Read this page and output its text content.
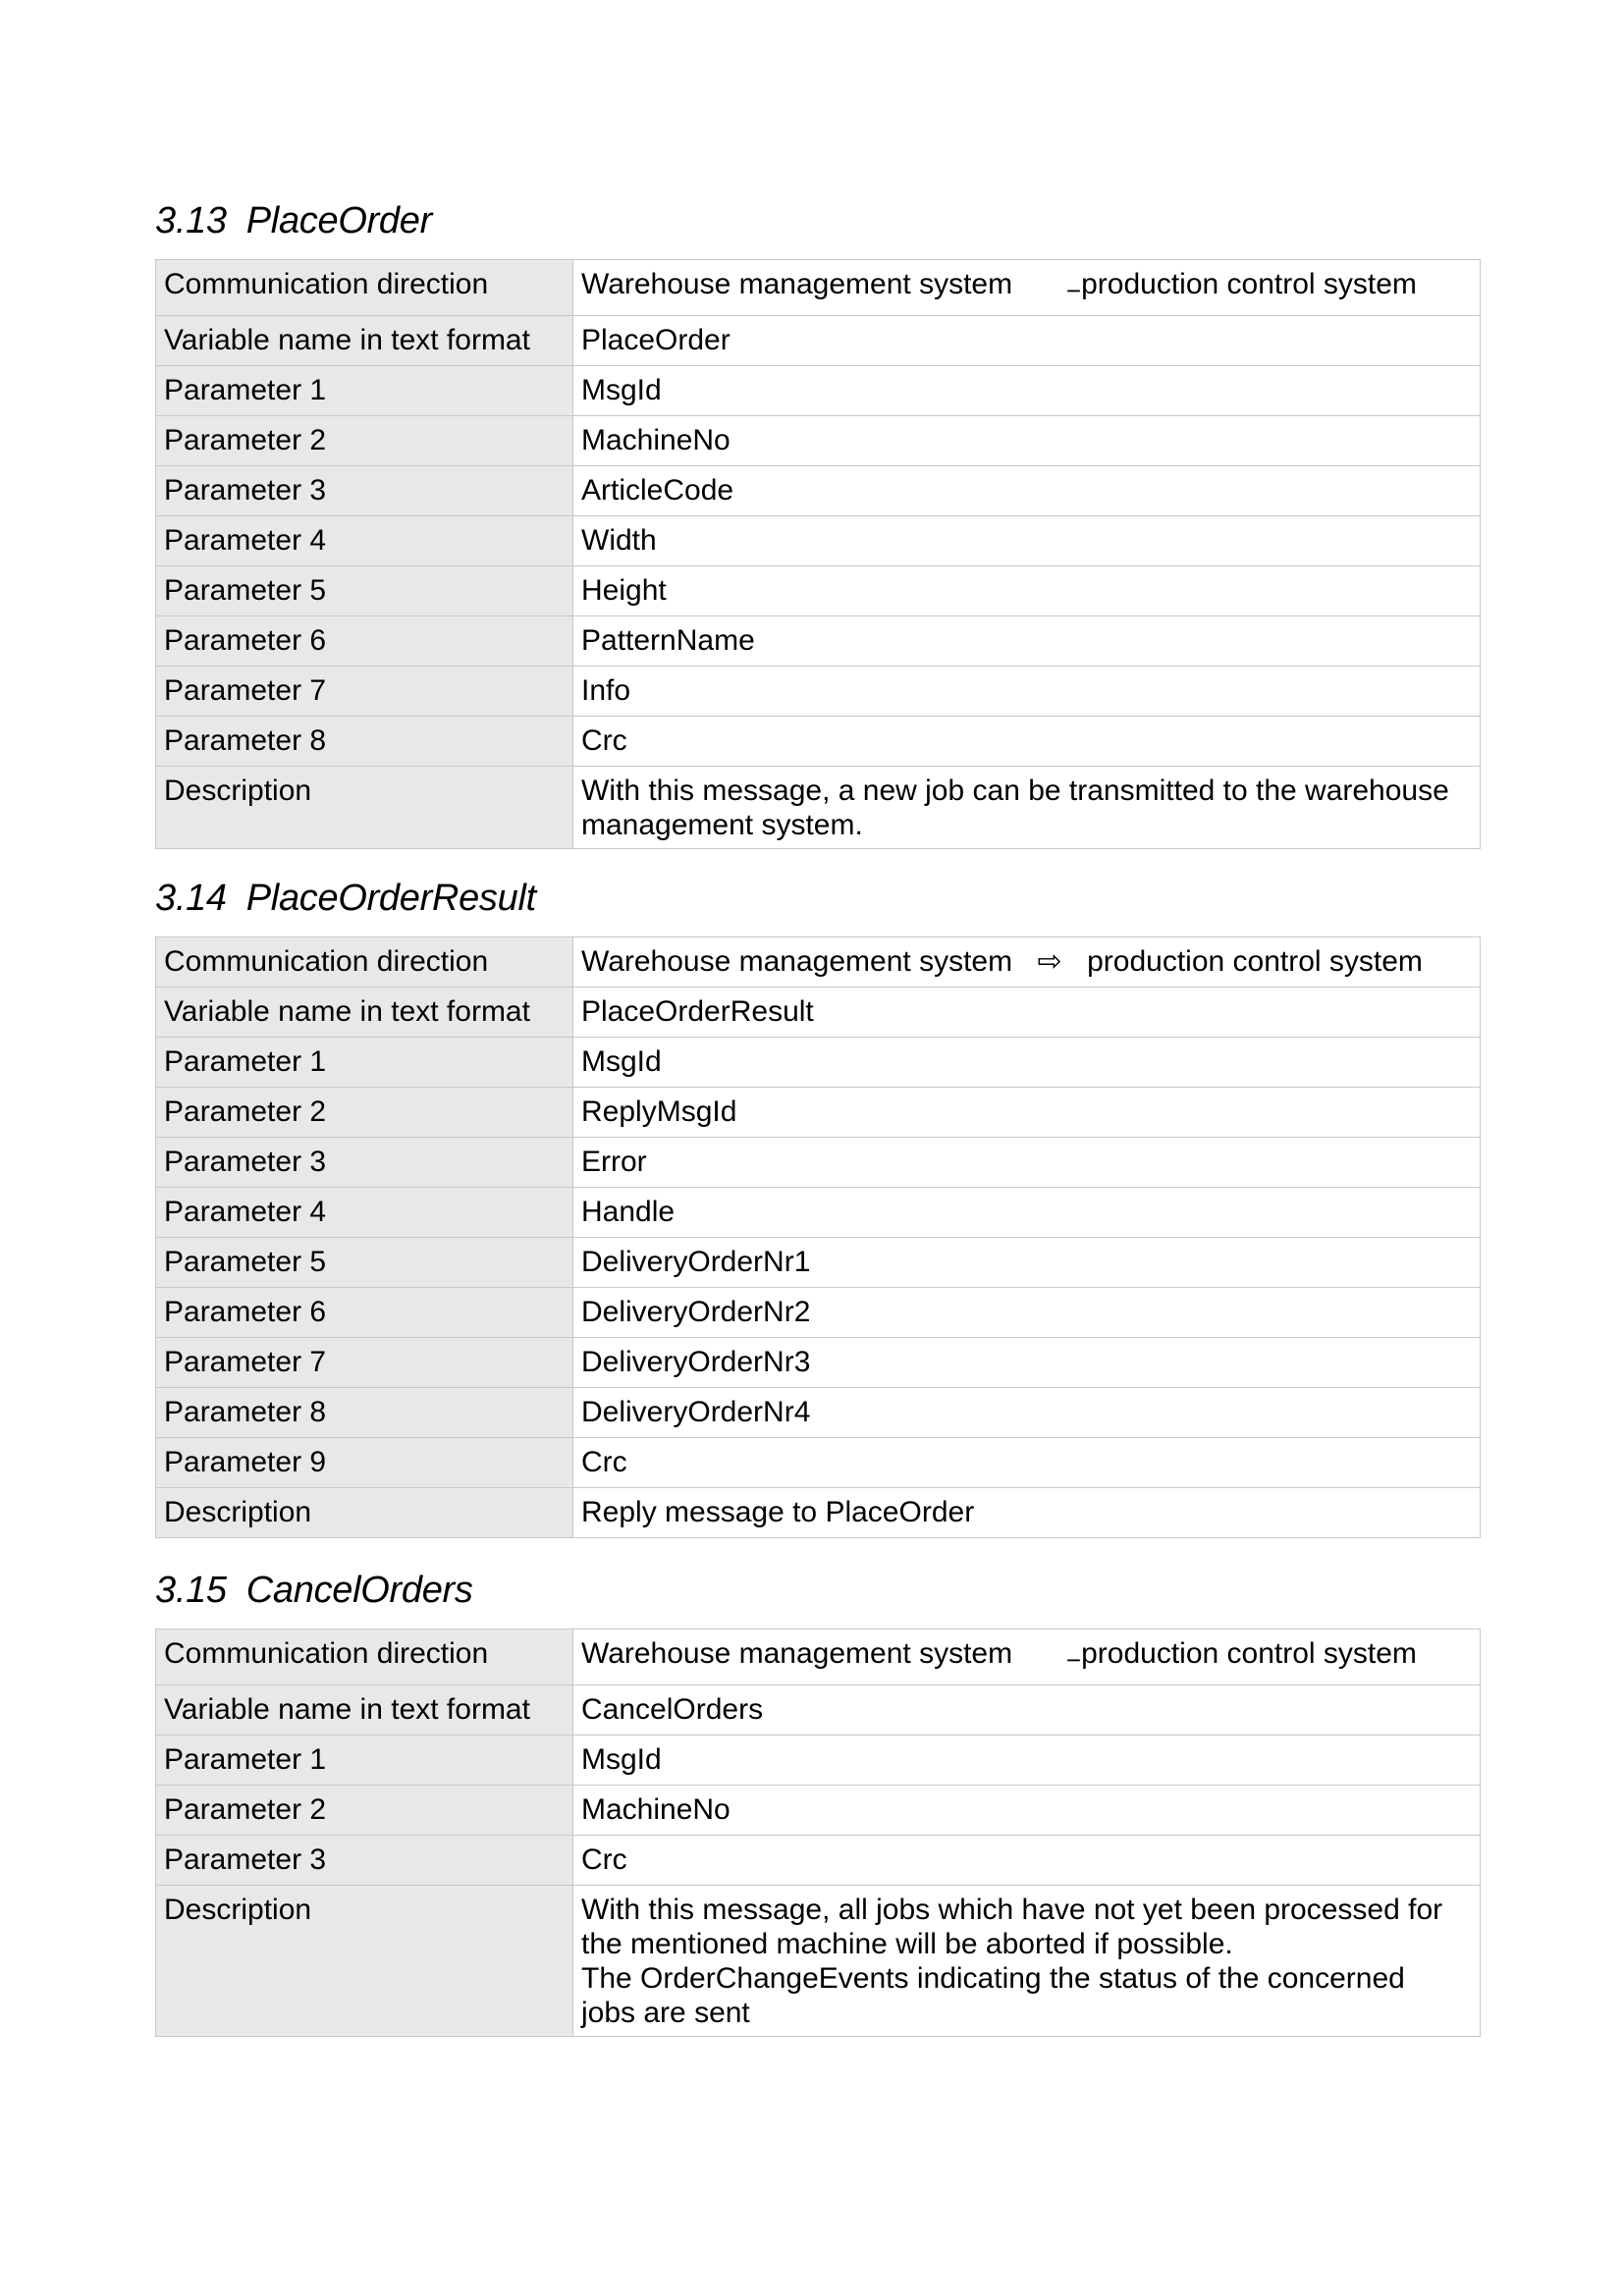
3.13 PlaceOrder
Communication direction	Warehouse management system −production control system
Variable name in text format	PlaceOrder
Parameter 1	MsgId
Parameter 2	MachineNo
Parameter 3	ArticleCode
Parameter 4	Width
Parameter 5	Height
Parameter 6	PatternName
Parameter 7	Info
Parameter 8	Crc
Description	With this message, a new job can be transmitted to the warehouse
management system.
3.14 PlaceOrderResult
Communication direction	Warehouse management system ⇨ production control system
Variable name in text format	PlaceOrderResult
Parameter 1	MsgId
Parameter 2	ReplyMsgId
Parameter 3	Error
Parameter 4	Handle
Parameter 5	DeliveryOrderNr1
Parameter 6	DeliveryOrderNr2
Parameter 7	DeliveryOrderNr3
Parameter 8	DeliveryOrderNr4
Parameter 9	Crc
Description	Reply message to PlaceOrder
3.15 CancelOrders
Communication direction	Warehouse management system −production control system
Variable name in text format	CancelOrders
Parameter 1	MsgId
Parameter 2	MachineNo
Parameter 3	Crc
Description	With this message, all jobs which have not yet been processed for
the mentioned machine will be aborted if possible.
The OrderChangeEvents indicating the status of the concerned
jobs are sent
